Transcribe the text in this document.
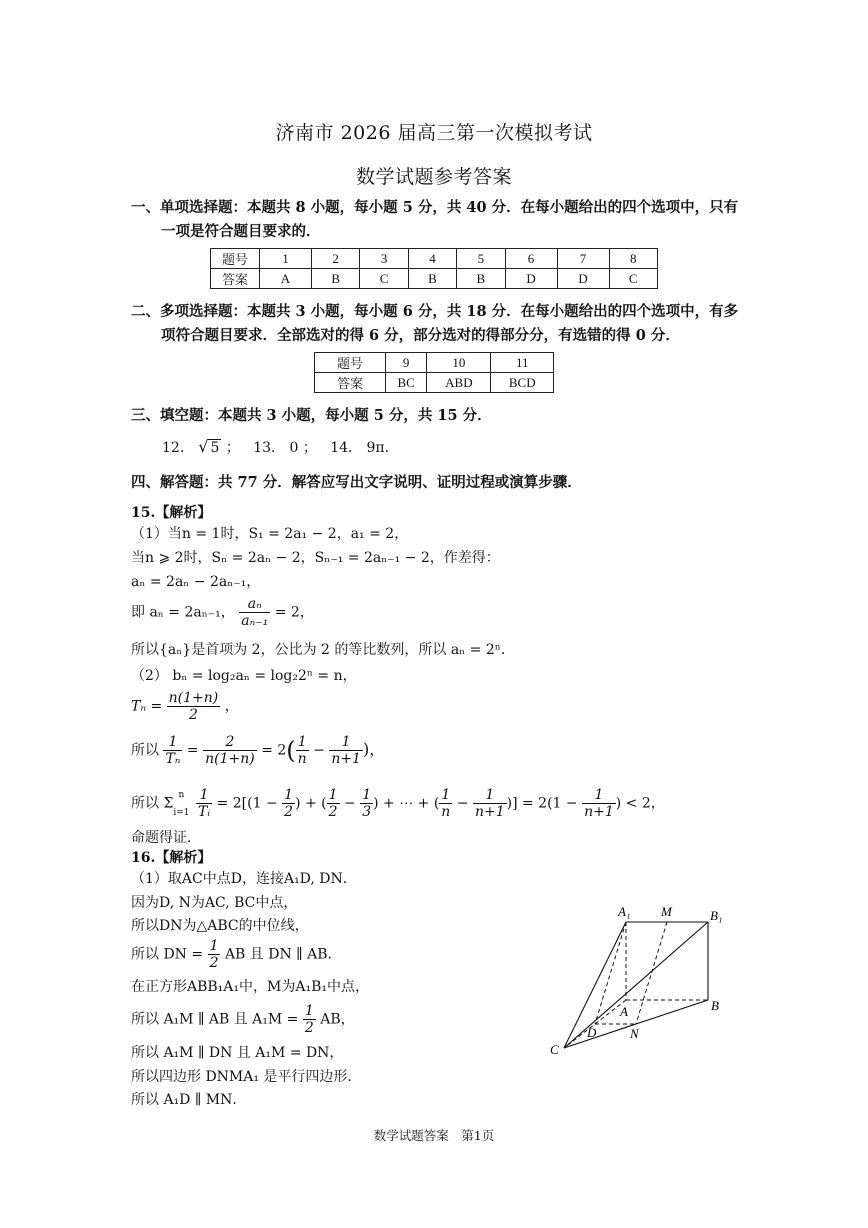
济南市 2026 届高三第一次模拟考试
数学试题参考答案
一、单项选择题：本题共 8 小题，每小题 5 分，共 40 分．在每小题给出的四个选项中，只有一项是符合题目要求的．
题号	1	2	3	4	5	6	7	8
答案	A	B	C	B	B	D	D	C
二、多项选择题：本题共 3 小题，每小题 6 分，共 18 分．在每小题给出的四个选项中，有多项符合题目要求．全部选对的得 6 分，部分选对的得部分分，有选错的得 0 分．
题号	9	10	11
答案	BC	ABD	BCD
三、填空题：本题共 3 小题，每小题 5 分，共 15 分．
12． √ 5 ； 13． 0 ； 14． 9π．
四、解答题：共 77 分．解答应写出文字说明、证明过程或演算步骤．
15.【解析】
（1）当n = 1时，S₁ = 2a₁ − 2，a₁ = 2，
当n ⩾ 2时，Sₙ = 2aₙ − 2，Sₙ₋₁ = 2aₙ₋₁ − 2，作差得：
aₙ = 2aₙ − 2aₙ₋₁，
即 aₙ = 2aₙ₋₁， $\frac{\text{aₙ}}{\text{aₙ₋₁}} = 2$，
所以{aₙ}是首项为 2，公比为 2 的等比数列，所以 aₙ = 2ⁿ．
（2） bₙ = log₂aₙ = log₂2ⁿ = n，
$T_n = \frac{n(1+n)}{2}$ ，
所以 $\frac{1}{\text{Tₙ}} = \frac{2}{n(1+n)} = 2( \frac{1}{n} - \frac{1}{n+1}$ )，
所以 Σ
n
i=1
$\frac{1}{\text{Tᵢ}} = 2[(1 - \frac{1}{2}$ ) + ( $\frac{1}{2} - \frac{1}{3}$ ) + ⋯ + ( $\frac{1}{n} - \frac{1}{n+1}$ )] = $2(1 - \frac{1}{n+1}$ ) < 2，
命题得证．
16.【解析】
（1）取AC中点D，连接A₁D, DN．
因为D, N为AC, BC中点，
所以DN为△ABC的中位线，
所以 DN = $\frac{1}{2}$ AB 且 DN ∥ AB．
在正方形ABB₁A₁中，M为A₁B₁中点，
所以 A₁M ∥ AB 且 $A_1M = \frac{1}{2}$ AB，
所以 A₁M ∥ DN 且 A₁M = DN，
所以四边形 DNMA₁ 是平行四边形．
所以 A₁D ∥ MN．
A₁ M	B₁
A	B
D	N
C
数学试题答案　第1页
